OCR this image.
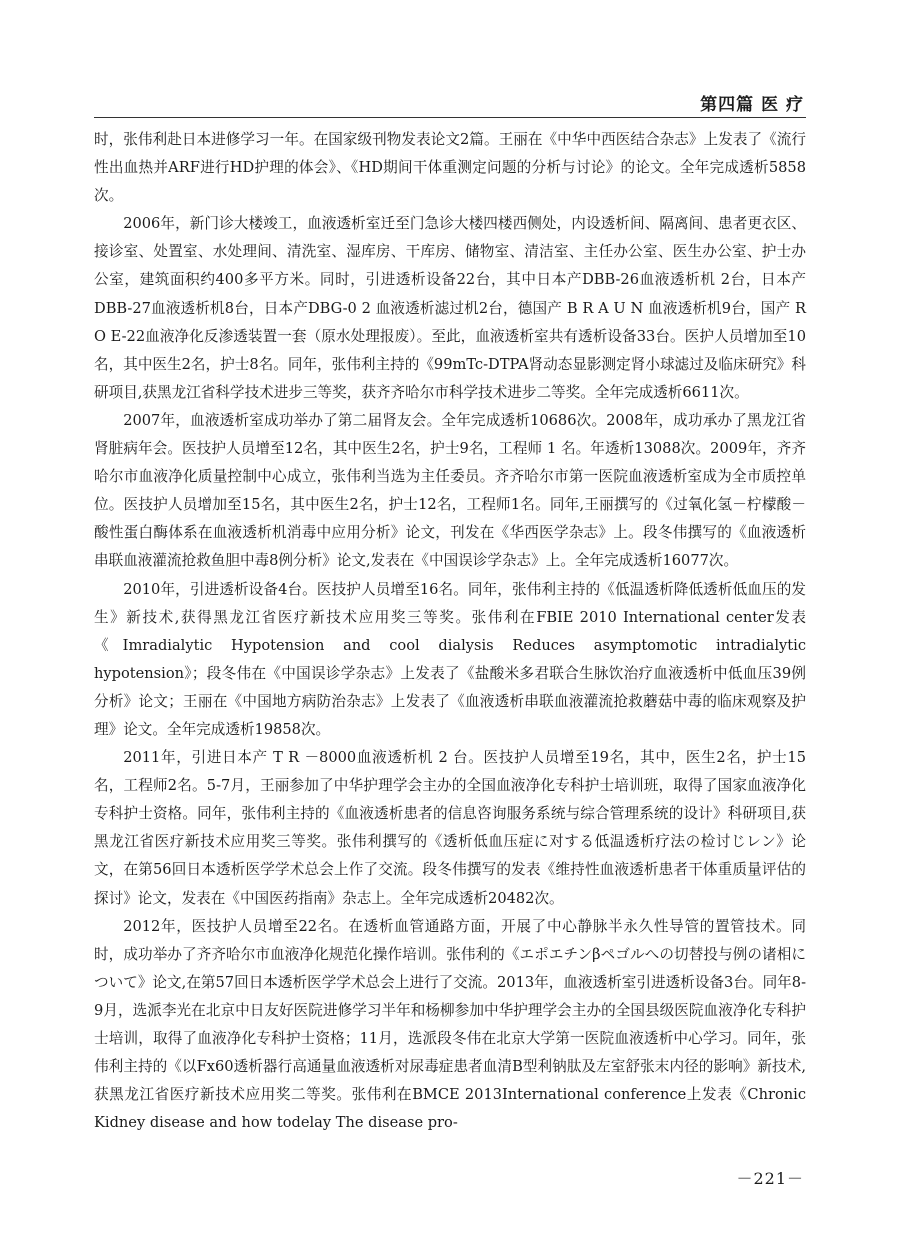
第四篇 医 疗

时，张伟利赴日本进修学习一年。在国家级刊物发表论文2篇。王丽在《中华中西医结合杂志》上发表了《流行性出血热并ARF进行HD护理的体会》、《HD期间干体重测定问题的分析与讨论》的论文。全年完成透析5858次。

2006年，新门诊大楼竣工，血液透析室迁至门急诊大楼四楼西侧处，内设透析间、隔离间、患者更衣区、接诊室、处置室、水处理间、清洗室、湿库房、干库房、储物室、清洁室、主任办公室、医生办公室、护士办公室，建筑面积约400多平方米。同时，引进透析设备22台，其中日本产DBB-26血液透析机 2台，日本产DBB-27血液透析机8台，日本产DBG-0 2 血液透析滤过机2台，德国产 B R A U N 血液透析机9台，国产 R O E-22血液净化反渗透装置一套（原水处理报废）。至此，血液透析室共有透析设备33台。医护人员增加至10名，其中医生2名，护士8名。同年，张伟利主持的《99mTc-DTPA肾动态显影测定肾小球滤过及临床研究》科研项目,获黑龙江省科学技术进步三等奖，获齐齐哈尔市科学技术进步二等奖。全年完成透析6611次。

2007年，血液透析室成功举办了第二届肾友会。全年完成透析10686次。2008年，成功承办了黑龙江省肾脏病年会。医技护人员增至12名，其中医生2名，护士9名，工程师 1 名。年透析13088次。2009年，齐齐哈尔市血液净化质量控制中心成立，张伟利当选为主任委员。齐齐哈尔市第一医院血液透析室成为全市质控单位。医技护人员增加至15名，其中医生2名，护士12名，工程师1名。同年,王丽撰写的《过氧化氢－柠檬酸－酸性蛋白酶体系在血液透析机消毒中应用分析》论文，刊发在《华西医学杂志》上。段冬伟撰写的《血液透析串联血液灌流抢救鱼胆中毒8例分析》论文,发表在《中国误诊学杂志》上。全年完成透析16077次。

2010年，引进透析设备4台。医技护人员增至16名。同年，张伟利主持的《低温透析降低透析低血压的发生》新技术,获得黑龙江省医疗新技术应用奖三等奖。张伟利在FBIE 2010 International center发表《Imradialytic Hypotension and cool dialysis Reduces asymptomotic intradialytic hypotension》；段冬伟在《中国误诊学杂志》上发表了《盐酸米多君联合生脉饮治疗血液透析中低血压39例分析》论文；王丽在《中国地方病防治杂志》上发表了《血液透析串联血液灌流抢救蘑菇中毒的临床观察及护理》论文。全年完成透析19858次。

2011年，引进日本产 T R －8000血液透析机 2 台。医技护人员增至19名，其中，医生2名，护士15名，工程师2名。5-7月，王丽参加了中华护理学会主办的全国血液净化专科护士培训班，取得了国家血液净化专科护士资格。同年，张伟利主持的《血液透析患者的信息咨询服务系统与综合管理系统的设计》科研项目,获黑龙江省医疗新技术应用奖三等奖。张伟利撰写的《透析低血压症に对する低温透析疗法の检讨じレン》论文，在第56回日本透析医学学术总会上作了交流。段冬伟撰写的发表《维持性血液透析患者干体重质量评估的探讨》论文，发表在《中国医药指南》杂志上。全年完成透析20482次。

2012年，医技护人员增至22名。在透析血管通路方面，开展了中心静脉半永久性导管的置管技术。同时，成功举办了齐齐哈尔市血液净化规范化操作培训。张伟利的《エポエチンβペゴルへの切替投与例の诸相について》论文,在第57回日本透析医学学术总会上进行了交流。2013年，血液透析室引进透析设备3台。同年8-9月，选派李光在北京中日友好医院进修学习半年和杨柳参加中华护理学会主办的全国县级医院血液净化专科护士培训，取得了血液净化专科护士资格；11月，选派段冬伟在北京大学第一医院血液透析中心学习。同年，张伟利主持的《以Fx60透析器行高通量血液透析对尿毒症患者血清B型利钠肽及左室舒张末内径的影响》新技术,获黑龙江省医疗新技术应用奖二等奖。张伟利在BMCE 2013International conference上发表《Chronic Kidney disease and how todelay The disease pro-

－221－
